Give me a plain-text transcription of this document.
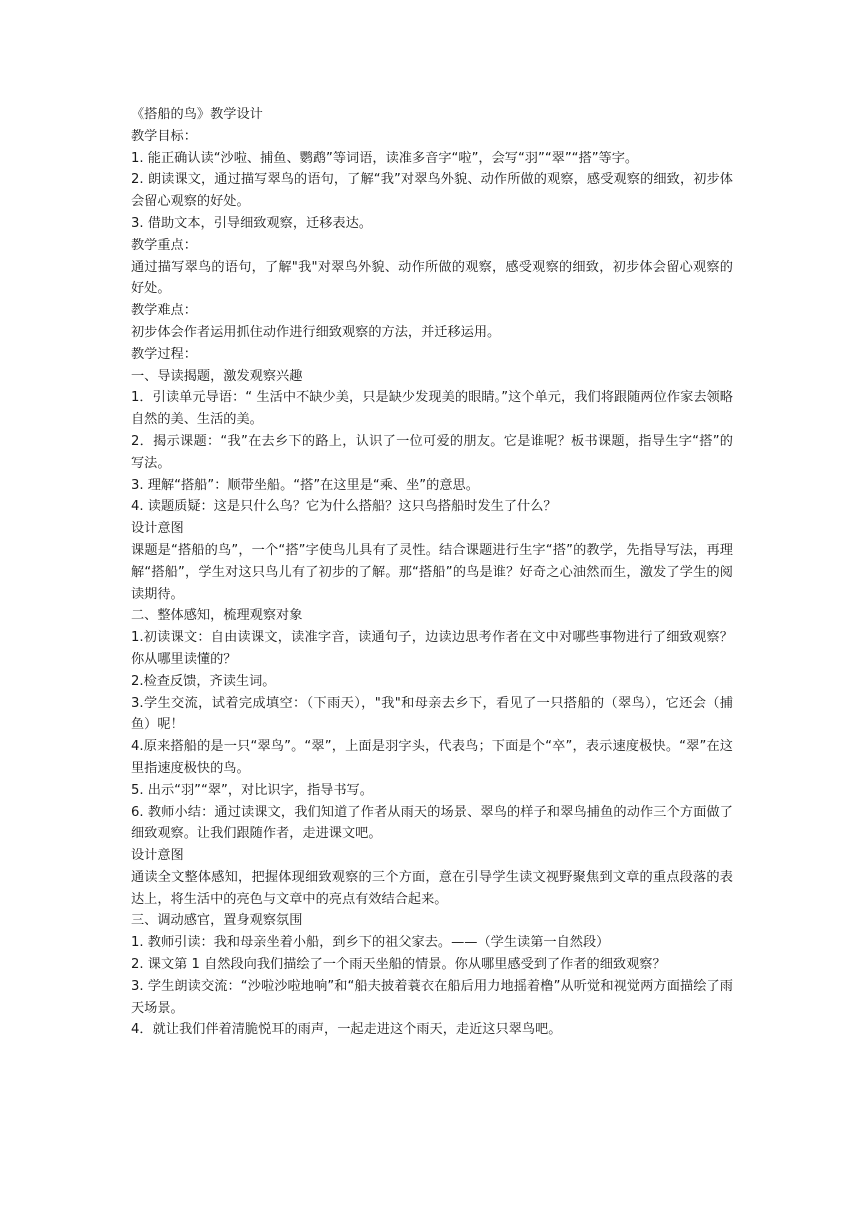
《搭船的鸟》教学设计

教学目标：

1. 能正确认读“沙啦、捕鱼、鹦鹉”等词语，读准多音字“啦”，会写“羽”“翠”“搭”等字。

2. 朗读课文，通过描写翠鸟的语句，了解“我”对翠鸟外貌、动作所做的观察，感受观察的细致，初步体会留心观察的好处。

3. 借助文本，引导细致观察，迁移表达。

教学重点：

通过描写翠鸟的语句，了解"我"对翠鸟外貌、动作所做的观察，感受观察的细致，初步体会留心观察的好处。

教学难点：

初步体会作者运用抓住动作进行细致观察的方法，并迁移运用。

教学过程：

一、导读揭题，激发观察兴趣

1．引读单元导语：“ 生活中不缺少美，只是缺少发现美的眼睛。”这个单元，我们将跟随两位作家去领略自然的美、生活的美。

2．揭示课题：“我”在去乡下的路上，认识了一位可爱的朋友。它是谁呢？板书课题，指导生字“搭”的写法。

3. 理解“搭船”：顺带坐船。“搭”在这里是“乘、坐”的意思。

4. 读题质疑：这是只什么鸟？它为什么搭船？这只鸟搭船时发生了什么？

设计意图

课题是“搭船的鸟”，一个“搭”字使鸟儿具有了灵性。结合课题进行生字“搭”的教学，先指导写法，再理解“搭船”，学生对这只鸟儿有了初步的了解。那“搭船”的鸟是谁？好奇之心油然而生，激发了学生的阅读期待。

二、整体感知，梳理观察对象

1.初读课文：自由读课文，读准字音，读通句子，边读边思考作者在文中对哪些事物进行了细致观察？你从哪里读懂的？

2.检查反馈，齐读生词。

3.学生交流，试着完成填空：（下雨天），"我"和母亲去乡下，看见了一只搭船的（翠鸟），它还会（捕鱼）呢！

4.原来搭船的是一只“翠鸟”。“翠”，上面是羽字头，代表鸟；下面是个“卒”，表示速度极快。“翠”在这里指速度极快的鸟。

5. 出示“羽”“翠”，对比识字，指导书写。

6. 教师小结：通过读课文，我们知道了作者从雨天的场景、翠鸟的样子和翠鸟捕鱼的动作三个方面做了细致观察。让我们跟随作者，走进课文吧。

设计意图

通读全文整体感知，把握体现细致观察的三个方面，意在引导学生读文视野聚焦到文章的重点段落的表达上，将生活中的亮色与文章中的亮点有效结合起来。

三、调动感官，置身观察氛围

1. 教师引读：我和母亲坐着小船，到乡下的祖父家去。——（学生读第一自然段）

2. 课文第 1 自然段向我们描绘了一个雨天坐船的情景。你从哪里感受到了作者的细致观察？

3. 学生朗读交流：“沙啦沙啦地响”和“船夫披着蓑衣在船后用力地摇着橹”从听觉和视觉两方面描绘了雨天场景。

4．就让我们伴着清脆悦耳的雨声，一起走进这个雨天，走近这只翠鸟吧。
